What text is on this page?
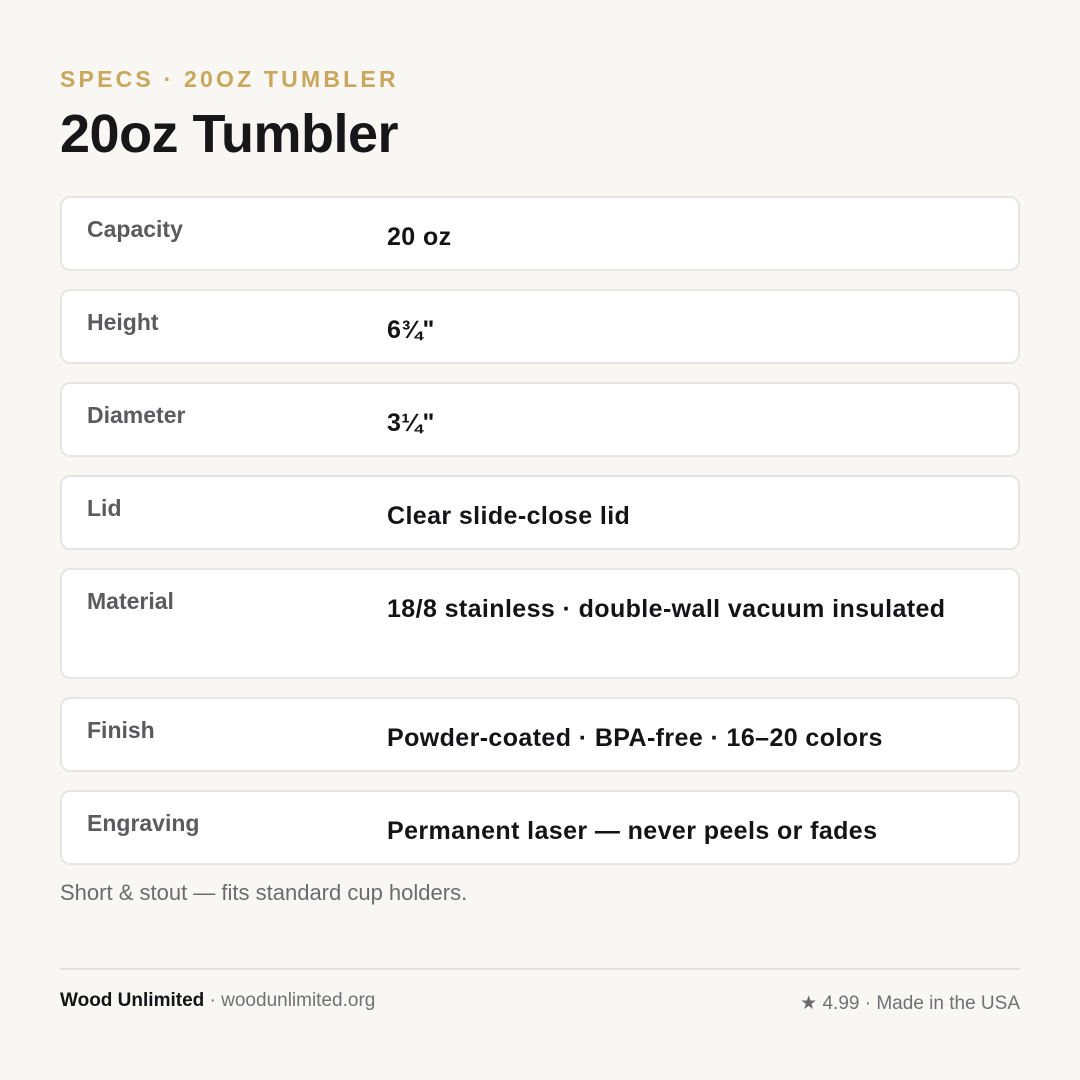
SPECS · 20OZ TUMBLER
20oz Tumbler
Capacity	20 oz
Height	6¾"
Diameter	3¼"
Lid	Clear slide-close lid
Material	18/8 stainless · double-wall vacuum insulated
Finish	Powder-coated · BPA-free · 16–20 colors
Engraving	Permanent laser — never peels or fades
Short & stout — fits standard cup holders.
Wood Unlimited · woodunlimited.org	★ 4.99 · Made in the USA
